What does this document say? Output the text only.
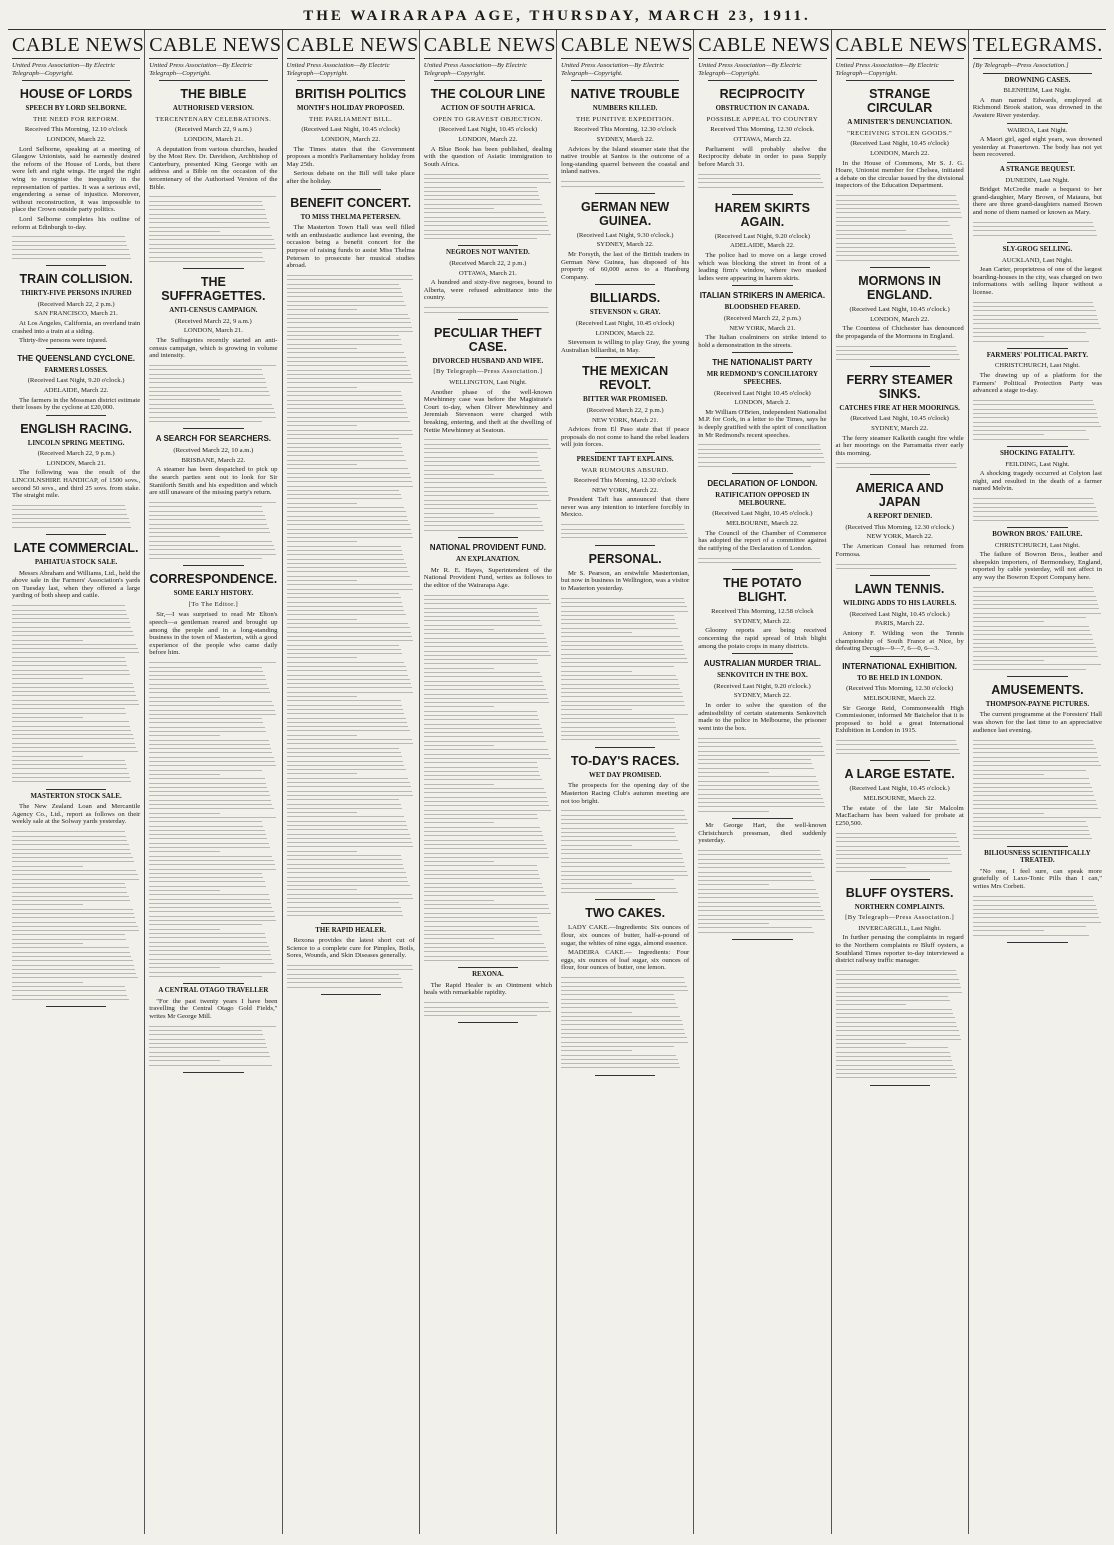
THE WAIRARAPA AGE, THURSDAY, MARCH 23, 1911.
CABLE NEWS
United Press Association—By Electric Telegraph—Copyright.
HOUSE OF LORDS
SPEECH BY LORD SELBORNE.
THE NEED FOR REFORM.
Received This Morning, 12.10 o'clock
LONDON, March 22.

Lord Selborne, speaking at a meeting of Glasgow Unionists, said he earnestly desired the reform of the House of Lords, but there were left and right wings. He urged the right wing to recognise the inequality in the representation of parties. It was a serious evil, engendering a sense of injustice. Moreover, without reconstruction, it was impossible to place the Crown outside party politics.

Lord Selborne completes his outline of reform at Edinburgh to-day.

TRAIN COLLISION.
THIRTY-FIVE PERSONS INJURED
(Received March 22, 2 p.m.)
SAN FRANCISCO, March 21.

At Los Angeles, California, an overland train crashed into a train at a siding.

Thirty-five persons were injured.

THE QUEENSLAND CYCLONE.
FARMERS LOSSES.
(Received Last Night, 9.20 o'clock.)
ADELAIDE, March 22.

The farmers in the Mossman district estimate their losses by the cyclone at £20,000.

ENGLISH RACING.
LINCOLN SPRING MEETING.
(Received March 22, 9 p.m.)
LONDON, March 21.

The following was the result of the LINCOLNSHIRE HANDICAP, of 1500 sovs., second 50 sovs., and third 25 sovs. from stake. The straight mile.

LATE COMMERCIAL.
PAHIATUA STOCK SALE.

Messrs Abraham and Williams, Ltd., held the above sale in the Farmers' Association's yards on Tuesday last, when they offered a large yarding of both sheep and cattle.

MASTERTON STOCK SALE.

The New Zealand Loan and Mercantile Agency Co., Ltd., report as follows on their weekly sale at the Solway yards yesterday.

CABLE NEWS
United Press Association—By Electric Telegraph—Copyright.
THE BIBLE
AUTHORISED VERSION.
TERCENTENARY CELEBRATIONS.
(Received March 22, 9 a.m.)
LONDON, March 21.

A deputation from various churches, headed by the Most Rev. Dr. Davidson, Archbishop of Canterbury, presented King George with an address and a Bible on the occasion of the tercentenary of the Authorised Version of the Bible.

THE SUFFRAGETTES.
ANTI-CENSUS CAMPAIGN.
(Received March 22, 9 a.m.)
LONDON, March 21.

The Suffragettes recently started an anti-census campaign, which is growing in volume and intensity.

A SEARCH FOR SEARCHERS.
(Received March 22, 10 a.m.)
BRISBANE, March 22.

A steamer has been despatched to pick up the search parties sent out to look for Sir Staniforth Smith and his expedition and which are still unaware of the missing party's return.

CORRESPONDENCE.
SOME EARLY HISTORY.
[To The Editor.]

Sir,—I was surprised to read Mr Elton's speech—a gentleman reared and brought up among the people and in a long-standing business in the town of Masterton, with a good experience of the people who came daily before him.

A CENTRAL OTAGO TRAVELLER

"For the past twenty years I have been travelling the Central Otago Gold Fields," writes Mr George Mill.

CABLE NEWS
United Press Association—By Electric Telegraph—Copyright.
BRITISH POLITICS
MONTH'S HOLIDAY PROPOSED.
THE PARLIAMENT BILL.
(Received Last Night, 10.45 o'clock)
LONDON, March 22.

The Times states that the Government proposes a month's Parliamentary holiday from May 25th.

Serious debate on the Bill will take place after the holiday.

BENEFIT CONCERT.
TO MISS THELMA PETERSEN.

The Masterton Town Hall was well filled with an enthusiastic audience last evening, the occasion being a benefit concert for the purpose of raising funds to assist Miss Thelma Petersen to prosecute her musical studies abroad.

THE RAPID HEALER.

Rexona provides the latest short cut of Science to a complete cure for Pimples, Boils, Sores, Wounds, and Skin Diseases generally.

CABLE NEWS
United Press Association—By Electric Telegraph—Copyright.
THE COLOUR LINE
ACTION OF SOUTH AFRICA.
OPEN TO GRAVEST OBJECTION.
(Received Last Night, 10.45 o'clock)
LONDON, March 22.

A Blue Book has been published, dealing with the question of Asiatic immigration to South Africa.

NEGROES NOT WANTED.
(Received March 22, 2 p.m.)
OTTAWA, March 21.

A hundred and sixty-five negroes, bound to Alberta, were refused admittance into the country.

PECULIAR THEFT CASE.
DIVORCED HUSBAND AND WIFE.
[By Telegraph—Press Association.]
WELLINGTON, Last Night.

Another phase of the well-known Mewhinney case was before the Magistrate's Court to-day, when Oliver Mewhinney and Jeremiah Stevenson were charged with breaking, entering, and theft at the dwelling of Nettie Mewhinney at Seatoun.

NATIONAL PROVIDENT FUND.
AN EXPLANATION.

Mr R. E. Hayes, Superintendent of the National Provident Fund, writes as follows to the editor of the Wairarapa Age.

REXONA.

The Rapid Healer is an Ointment which heals with remarkable rapidity.

CABLE NEWS
United Press Association—By Electric Telegraph—Copyright.
NATIVE TROUBLE
NUMBERS KILLED.
THE PUNITIVE EXPEDITION.
Received This Morning, 12.30 o'clock
SYDNEY, March 22.

Advices by the Island steamer state that the native trouble at Santos is the outcome of a long-standing quarrel between the coastal and inland natives.

GERMAN NEW GUINEA.
(Received Last Night, 9.30 o'clock.)
SYDNEY, March 22.

Mr Forsyth, the last of the British traders in German New Guinea, has disposed of his property of 60,000 acres to a Hamburg Company.

BILLIARDS.
STEVENSON v. GRAY.
(Received Last Night, 10.45 o'clock)
LONDON, March 22.

Stevenson is willing to play Gray, the young Australian billiardist, in May.

THE MEXICAN REVOLT.
BITTER WAR PROMISED.
(Received March 22, 2 p.m.)
NEW YORK, March 21.

Advices from El Paso state that if peace proposals do not come to hand the rebel leaders will join forces.

PRESIDENT TAFT EXPLAINS.
WAR RUMOURS ABSURD.
Received This Morning, 12.30 o'clock
NEW YORK, March 22.

President Taft has announced that there never was any intention to interfere forcibly in Mexico.

PERSONAL.

Mr S. Pearson, an erstwhile Mastertonian, but now in business in Wellington, was a visitor to Masterton yesterday.

TO-DAY'S RACES.
WET DAY PROMISED.

The prospects for the opening day of the Masterton Racing Club's autumn meeting are not too bright.

TWO CAKES.

LADY CAKE.—Ingredients: Six ounces of flour, six ounces of butter, half-a-pound of sugar, the whites of nine eggs, almond essence.

MADEIRA CAKE.— Ingredients: Four eggs, six ounces of loaf sugar, six ounces of flour, four ounces of butter, one lemon.

CABLE NEWS
United Press Association—By Electric Telegraph—Copyright.
RECIPROCITY
OBSTRUCTION IN CANADA.
POSSIBLE APPEAL TO COUNTRY
Received This Morning, 12.30 o'clock.
OTTAWA, March 22.

Parliament will probably shelve the Reciprocity debate in order to pass Supply before March 31.

HAREM SKIRTS AGAIN.
(Received Last Night, 9.20 o'clock)
ADELAIDE, March 22.

The police had to move on a large crowd which was blocking the street in front of a leading firm's window, where two masked ladies were appearing in harem skirts.

ITALIAN STRIKERS IN AMERICA.
BLOODSHED FEARED.
(Received March 22, 2 p.m.)
NEW YORK, March 21.

The Italian coalminers on strike intend to hold a demonstration in the streets.

THE NATIONALIST PARTY
MR REDMOND'S CONCILIATORY SPEECHES.
(Received Last Night 10.45 o'clock)
LONDON, March 2.

Mr William O'Brien, independent Nationalist M.P. for Cork, in a letter to the Times, says he is deeply gratified with the spirit of conciliation in Mr Redmond's recent speeches.

DECLARATION OF LONDON.
RATIFICATION OPPOSED IN MELBOURNE.
(Received Last Night, 10.45 o'clock.)
MELBOURNE, March 22.

The Council of the Chamber of Commerce has adopted the report of a committee against the ratifying of the Declaration of London.

THE POTATO BLIGHT.
Received This Morning, 12.58 o'clock
SYDNEY, March 22.

Gloomy reports are being received concerning the rapid spread of Irish blight among the potato crops in many districts.

AUSTRALIAN MURDER TRIAL.
SENKOVITCH IN THE BOX.
(Received Last Night, 9.20 o'clock.)
SYDNEY, March 22.

In order to solve the question of the admissibility of certain statements Senkovitch made to the police in Melbourne, the prisoner went into the box.

Mr George Hart, the well-known Christchurch pressman, died suddenly yesterday.

CABLE NEWS
United Press Association—By Electric Telegraph—Copyright.
STRANGE CIRCULAR
A MINISTER'S DENUNCIATION.
"RECEIVING STOLEN GOODS."
(Received Last Night, 10.45 o'clock)
LONDON, March 22.

In the House of Commons, Mr S. J. G. Hoare, Unionist member for Chelsea, initiated a debate on the circular issued by the divisional inspectors of the Education Department.

MORMONS IN ENGLAND.
(Received Last Night, 10.45 o'clock.)
LONDON, March 22.

The Countess of Chichester has denounced the propaganda of the Mormons in England.

FERRY STEAMER SINKS.
CATCHES FIRE AT HER MOORINGS.
(Received Last Night, 10.45 o'clock)
SYDNEY, March 22.

The ferry steamer Kalkeith caught fire while at her moorings on the Parramatta river early this morning.

AMERICA AND JAPAN
A REPORT DENIED.
(Received This Morning, 12.30 o'clock.)
NEW YORK, March 22.

The American Consul has returned from Formosa.

LAWN TENNIS.
WILDING ADDS TO HIS LAURELS.
(Received Last Night, 10.45 o'clock.)
PARIS, March 22.

Antony F. Wilding won the Tennis championship of South France at Nice, by defeating Decugis—9—7, 6—0, 6—3.

INTERNATIONAL EXHIBITION.
TO BE HELD IN LONDON.
(Received This Morning, 12.30 o'clock)
MELBOURNE, March 22.

Sir George Reid, Commonwealth High Commissioner, informed Mr Batchelor that it is proposed to hold a great International Exhibition in London in 1915.

A LARGE ESTATE.
(Received Last Night, 10.45 o'clock.)
MELBOURNE, March 22.

The estate of the late Sir Malcolm MacEacharn has been valued for probate at £250,500.

BLUFF OYSTERS.
NORTHERN COMPLAINTS.
[By Telegraph—Press Association.]
INVERCARGILL, Last Night.

In further perusing the complaints in regard to the Northern complaints re Bluff oysters, a Southland Times reporter to-day interviewed a district railway traffic manager.

TELEGRAMS.
[By Telegraph—Press Association.]
DROWNING CASES.
BLENHEIM, Last Night.

A man named Edwards, employed at Richmond Brook station, was drowned in the Awatere River yesterday.

WAIROA, Last Night.

A Maori girl, aged eight years, was drowned yesterday at Frasertown. The body has not yet been recovered.

A STRANGE BEQUEST.
DUNEDIN, Last Night.

Bridget McCredie made a bequest to her grand-daughter, Mary Brown, of Mataura, but there are three grand-daughters named Brown and none of them named or known as Mary.

SLY-GROG SELLING.
AUCKLAND, Last Night.

Jean Carter, proprietress of one of the largest boarding-houses in the city, was charged on two informations with selling liquor without a license.

FARMERS' POLITICAL PARTY.
CHRISTCHURCH, Last Night.

The drawing up of a platform for the Farmers' Political Protection Party was advanced a stage to-day.

SHOCKING FATALITY.
FEILDING, Last Night.

A shocking tragedy occurred at Colyton last night, and resulted in the death of a farmer named Melvin.

BOWRON BROS.' FAILURE.
CHRISTCHURCH, Last Night.

The failure of Bowron Bros., leather and sheepskin importers, of Bermondsey, England, reported by cable yesterday, will not affect in any way the Bowron Export Company here.

AMUSEMENTS.
THOMPSON-PAYNE PICTURES.

The current programme at the Foresters' Hall was shown for the last time to an appreciative audience last evening.

BILIOUSNESS SCIENTIFICALLY TREATED.

"No one, I feel sure, can speak more gratefully of Laxo-Tonic Pills than I can," writes Mrs Corbett.
